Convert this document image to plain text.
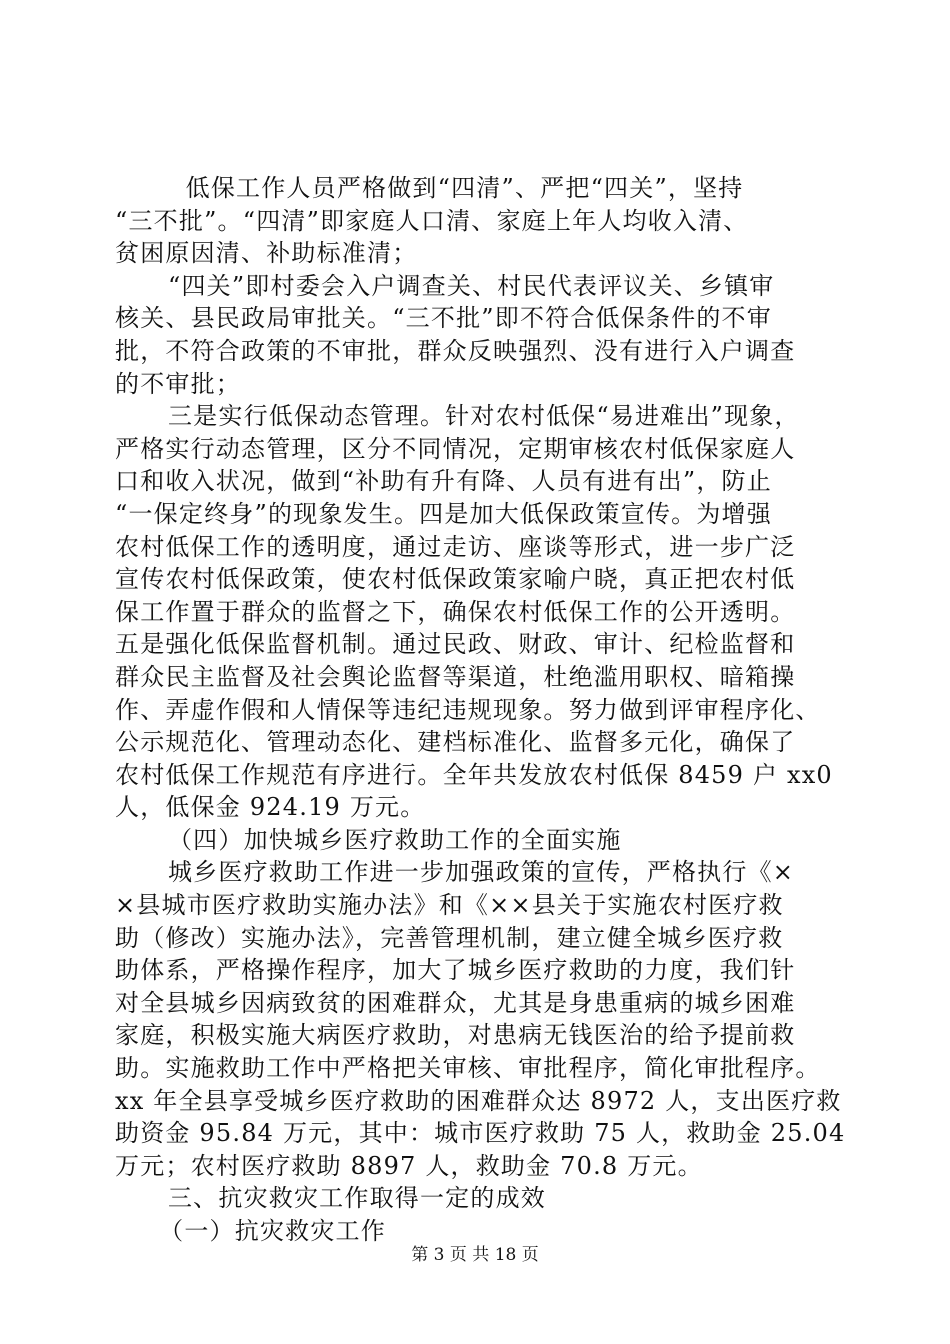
低保工作人员严格做到“四清”、严把“四关”，坚持
“三不批”。“四清”即家庭人口清、家庭上年人均收入清、
贫困原因清、补助标准清；
“四关”即村委会入户调查关、村民代表评议关、乡镇审
核关、县民政局审批关。“三不批”即不符合低保条件的不审
批，不符合政策的不审批，群众反映强烈、没有进行入户调查
的不审批；
三是实行低保动态管理。针对农村低保“易进难出”现象，
严格实行动态管理，区分不同情况，定期审核农村低保家庭人
口和收入状况，做到“补助有升有降、人员有进有出”，防止
“一保定终身”的现象发生。四是加大低保政策宣传。为增强
农村低保工作的透明度，通过走访、座谈等形式，进一步广泛
宣传农村低保政策，使农村低保政策家喻户晓，真正把农村低
保工作置于群众的监督之下，确保农村低保工作的公开透明。
五是强化低保监督机制。通过民政、财政、审计、纪检监督和
群众民主监督及社会舆论监督等渠道，杜绝滥用职权、暗箱操
作、弄虚作假和人情保等违纪违规现象。努力做到评审程序化、
公示规范化、管理动态化、建档标准化、监督多元化，确保了
农村低保工作规范有序进行。全年共发放农村低保 8459 户 xx0
人，低保金 924.19 万元。
（四）加快城乡医疗救助工作的全面实施
城乡医疗救助工作进一步加强政策的宣传，严格执行《×
×县城市医疗救助实施办法》和《××县关于实施农村医疗救
助（修改）实施办法》，完善管理机制，建立健全城乡医疗救
助体系，严格操作程序，加大了城乡医疗救助的力度，我们针
对全县城乡因病致贫的困难群众，尤其是身患重病的城乡困难
家庭，积极实施大病医疗救助，对患病无钱医治的给予提前救
助。实施救助工作中严格把关审核、审批程序，简化审批程序。
xx 年全县享受城乡医疗救助的困难群众达 8972 人，支出医疗救
助资金 95.84 万元，其中：城市医疗救助 75 人，救助金 25.04
万元；农村医疗救助 8897 人，救助金 70.8 万元。
三、抗灾救灾工作取得一定的成效
（一）抗灾救灾工作
第 3 页 共 18 页
